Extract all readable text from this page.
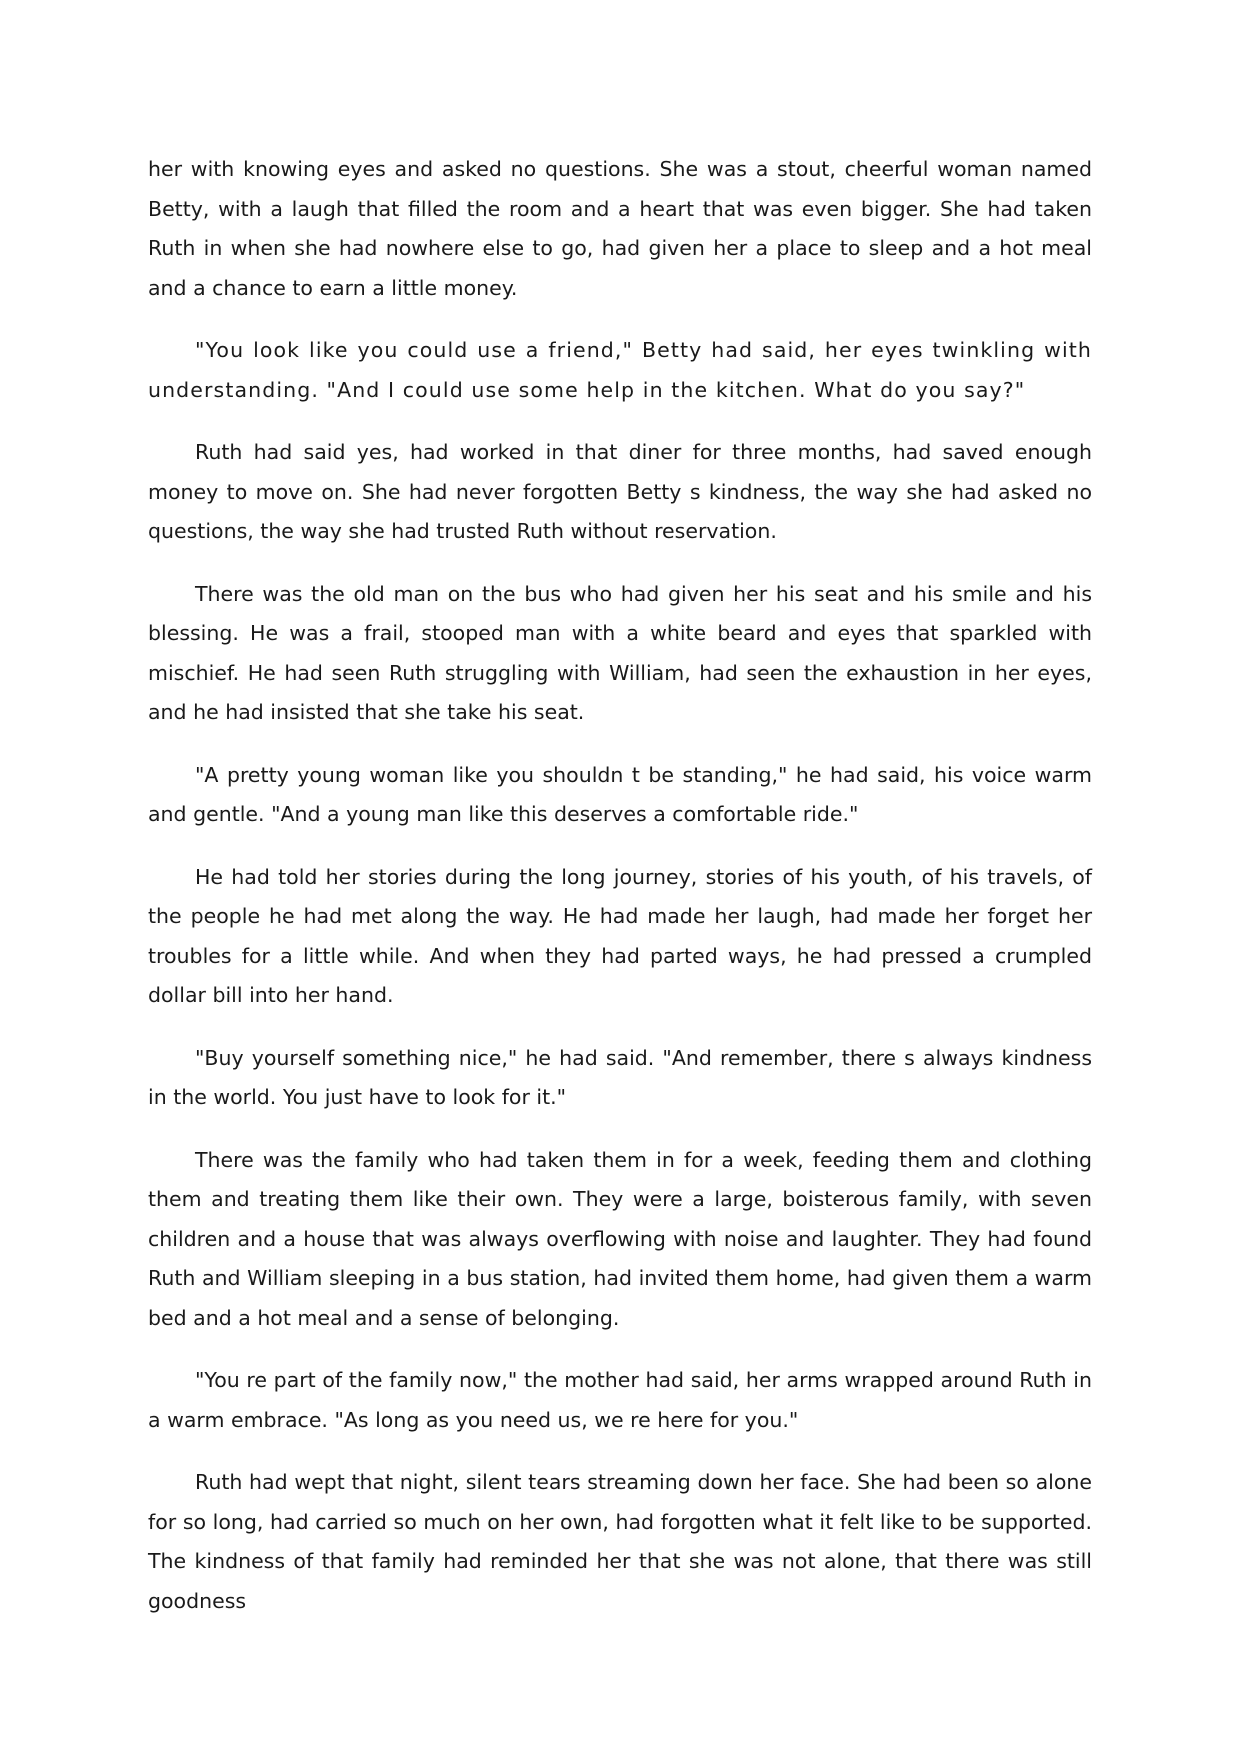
her with knowing eyes and asked no questions. She was a stout, cheerful woman named Betty, with a laugh that filled the room and a heart that was even bigger. She had taken Ruth in when she had nowhere else to go, had given her a place to sleep and a hot meal and a chance to earn a little money.

"You look like you could use a friend," Betty had said, her eyes twinkling with understanding. "And I could use some help in the kitchen. What do you say?"

Ruth had said yes, had worked in that diner for three months, had saved enough money to move on. She had never forgotten Betty s kindness, the way she had asked no questions, the way she had trusted Ruth without reservation.

There was the old man on the bus who had given her his seat and his smile and his blessing. He was a frail, stooped man with a white beard and eyes that sparkled with mischief. He had seen Ruth struggling with William, had seen the exhaustion in her eyes, and he had insisted that she take his seat.

"A pretty young woman like you shouldn t be standing," he had said, his voice warm and gentle. "And a young man like this deserves a comfortable ride."

He had told her stories during the long journey, stories of his youth, of his travels, of the people he had met along the way. He had made her laugh, had made her forget her troubles for a little while. And when they had parted ways, he had pressed a crumpled dollar bill into her hand.

"Buy yourself something nice," he had said. "And remember, there s always kindness in the world. You just have to look for it."

There was the family who had taken them in for a week, feeding them and clothing them and treating them like their own. They were a large, boisterous family, with seven children and a house that was always overflowing with noise and laughter. They had found Ruth and William sleeping in a bus station, had invited them home, had given them a warm bed and a hot meal and a sense of belonging.

"You re part of the family now," the mother had said, her arms wrapped around Ruth in a warm embrace. "As long as you need us, we re here for you."

Ruth had wept that night, silent tears streaming down her face. She had been so alone for so long, had carried so much on her own, had forgotten what it felt like to be supported. The kindness of that family had reminded her that she was not alone, that there was still goodness
